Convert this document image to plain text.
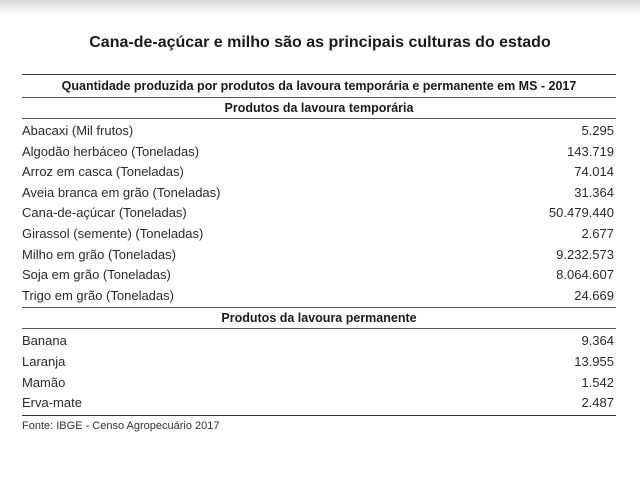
Cana-de-açúcar e milho são as principais culturas do estado
Quantidade produzida por produtos da lavoura temporária e permanente em MS - 2017
Produtos da lavoura temporária
Abacaxi (Mil frutos)	5.295
Algodão herbáceo (Toneladas)	143.719
Arroz em casca (Toneladas)	74.014
Aveia branca em grão (Toneladas)	31.364
Cana-de-açúcar (Toneladas)	50.479.440
Girassol (semente) (Toneladas)	2.677
Milho em grão (Toneladas)	9.232.573
Soja em grão (Toneladas)	8.064.607
Trigo em grão (Toneladas)	24.669
Produtos da lavoura permanente
Banana	9.364
Laranja	13.955
Mamão	1.542
Erva-mate	2.487
Fonte: IBGE - Censo Agropecuário 2017
